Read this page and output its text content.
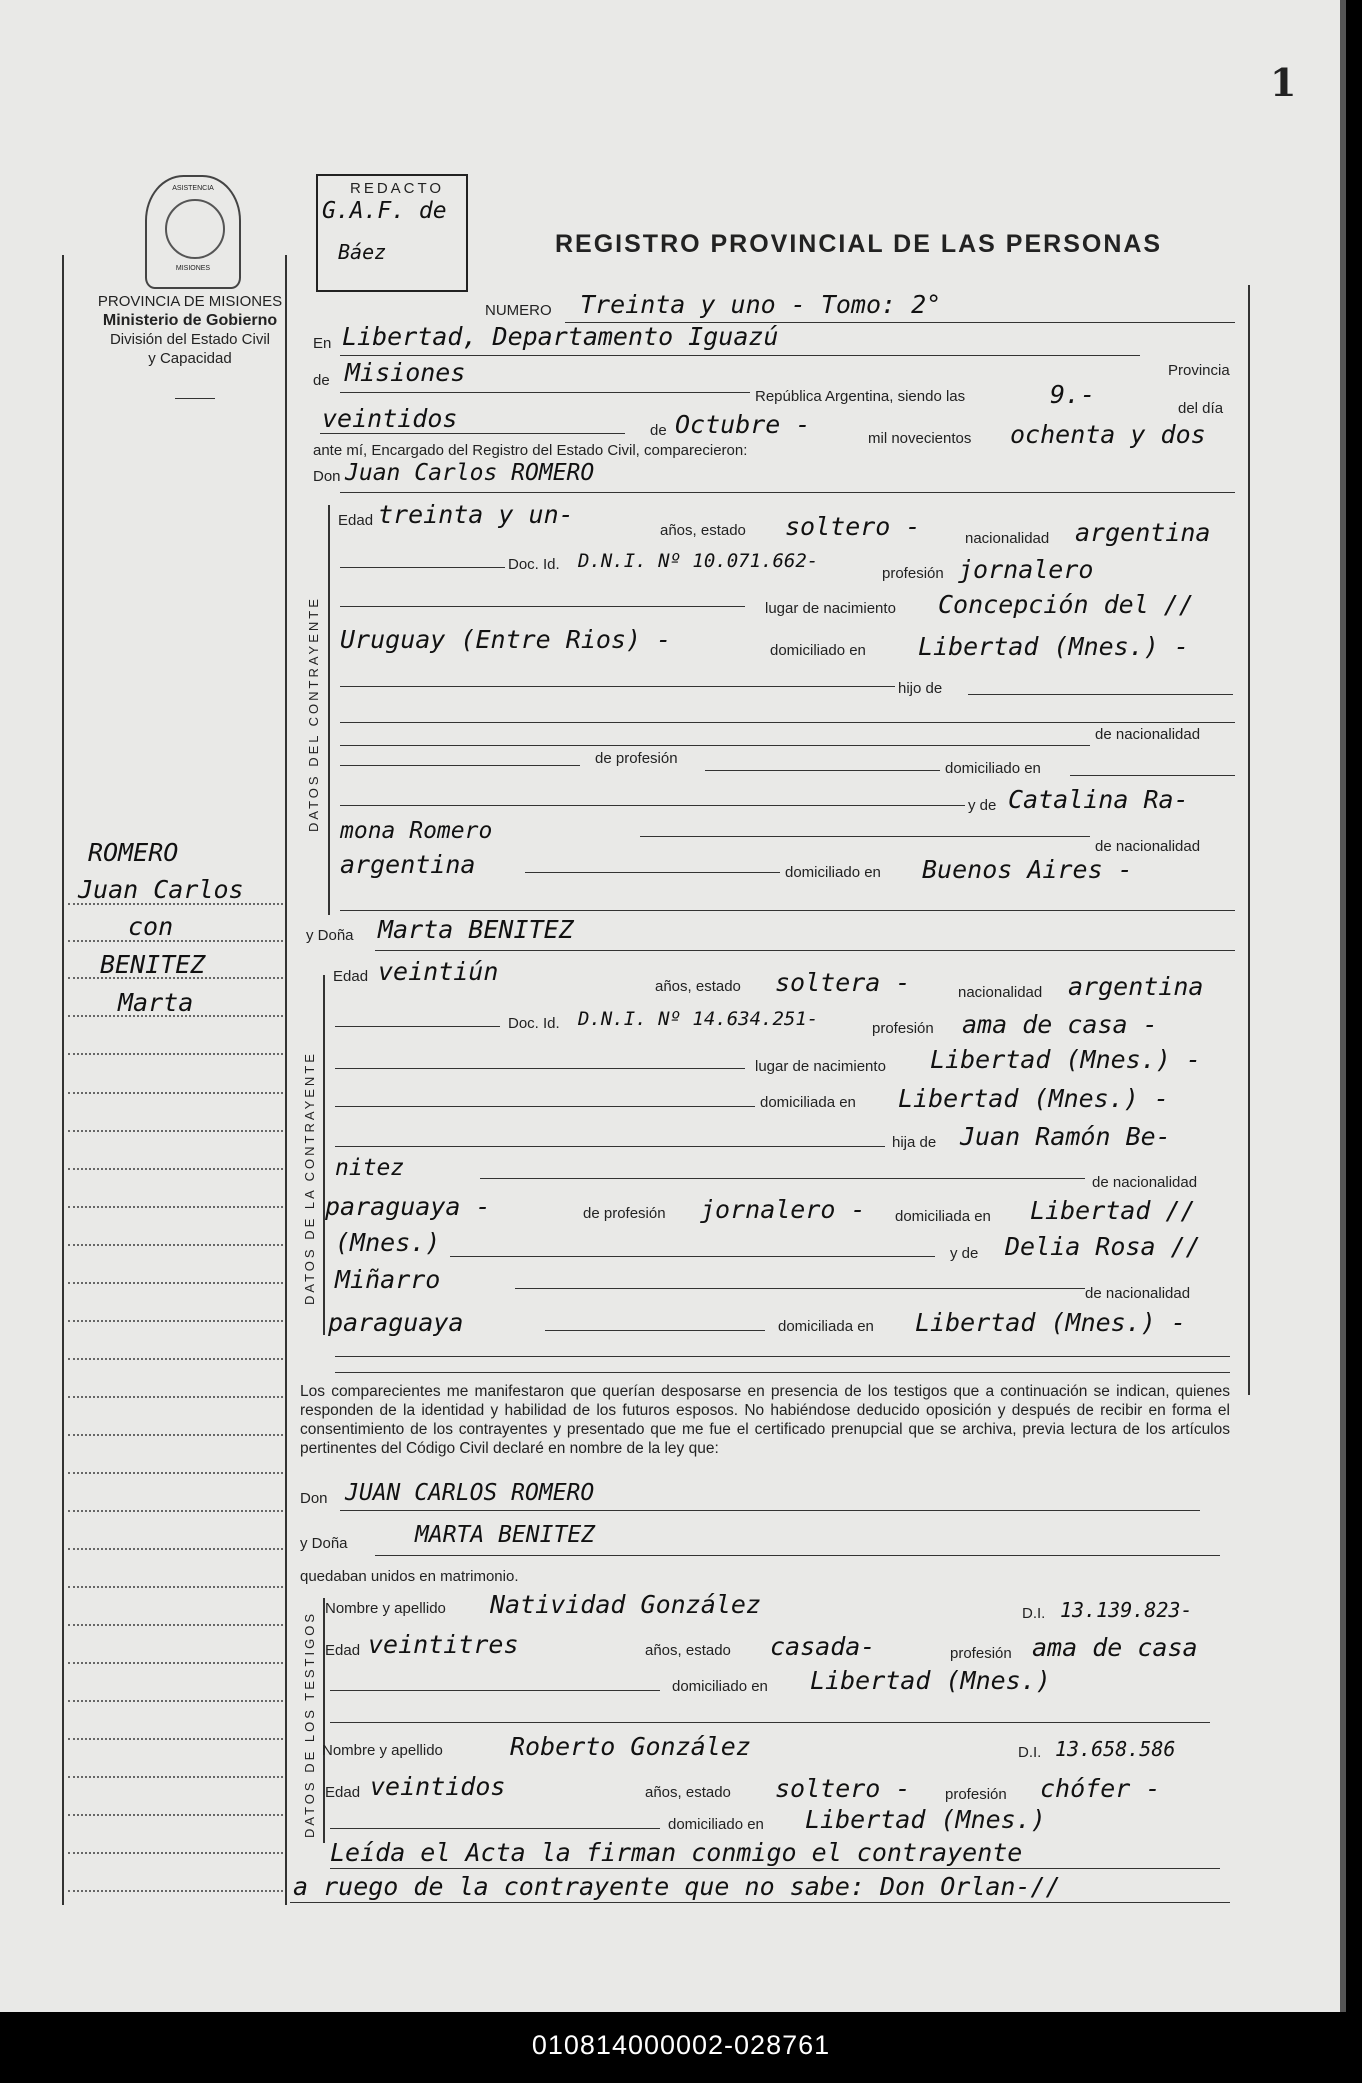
1
ASISTENCIA
MISIONES
PROVINCIA DE MISIONES
Ministerio de Gobierno
División del Estado Civil
y Capacidad
REDACTO
G.A.F. de
Báez	REGISTRO PROVINCIAL DE LAS PERSONAS
ROMERO
Juan Carlos
con
BENITEZ
Marta
NUMERO Treinta y uno - Tomo: 2°
En Libertad, Departamento Iguazú
Provincia
de Misiones
República Argentina, siendo las	9.-	del día
veintidos	de Octubre -	mil novecientos ochenta y dos
ante mí, Encargado del Registro del Estado Civil, comparecieron:
Don Juan Carlos ROMERO
DATOS DEL CONTRAYENTE
Edad treinta y un-
años, estado soltero -	nacionalidad argentina
Doc. Id. D.N.I. Nº 10.071.662-
profesión jornalero
lugar de nacimiento Concepción del //
Uruguay (Entre Rios) -	domiciliado en Libertad (Mnes.) -
hijo de
de nacionalidad
de profesión
domiciliado en
y de Catalina Ra-
mona Romero
de nacionalidad
argentina	domiciliado en Buenos Aires -
y Doña Marta BENITEZ
DATOS DE LA CONTRAYENTE
Edad veintiún
años, estado soltera -	nacionalidad argentina
Doc. Id. D.N.I. Nº 14.634.251-	profesión ama de casa -
lugar de nacimiento Libertad (Mnes.) -
domiciliada en Libertad (Mnes.) -
hija de Juan Ramón Be-
nitez
de nacionalidad
paraguaya -	de profesión jornalero - domiciliada en Libertad //
(Mnes.)	y de Delia Rosa //
Miñarro	de nacionalidad
paraguaya	domiciliada en Libertad (Mnes.) -
Los comparecientes me manifestaron que querían desposarse en presencia de los testigos que a continuación se indican, quienes responden de la identidad y habilidad de los futuros esposos. No habiéndose deducido oposición y después de recibir en forma el consentimiento de los contrayentes y presentado que me fue el certificado prenupcial que se archiva, previa lectura de los artículos pertinentes del Código Civil declaré en nombre de la ley que:
Don JUAN CARLOS ROMERO
y Doña	MARTA BENITEZ
quedaban unidos en matrimonio.
DATOS DE LOS TESTIGOS
Nombre y apellido Natividad González	D.I. 13.139.823-
Edad veintitres	años, estado casada-	profesión ama de casa
domiciliado en Libertad (Mnes.)
Nombre y apellido	Roberto González	D.I. 13.658.586
Edad veintidos	años, estado soltero - profesión chófer -
domiciliado en Libertad (Mnes.)
Leída el Acta la firman conmigo el contrayente
a ruego de la contrayente que no sabe: Don Orlan-//
010814000002-028761
